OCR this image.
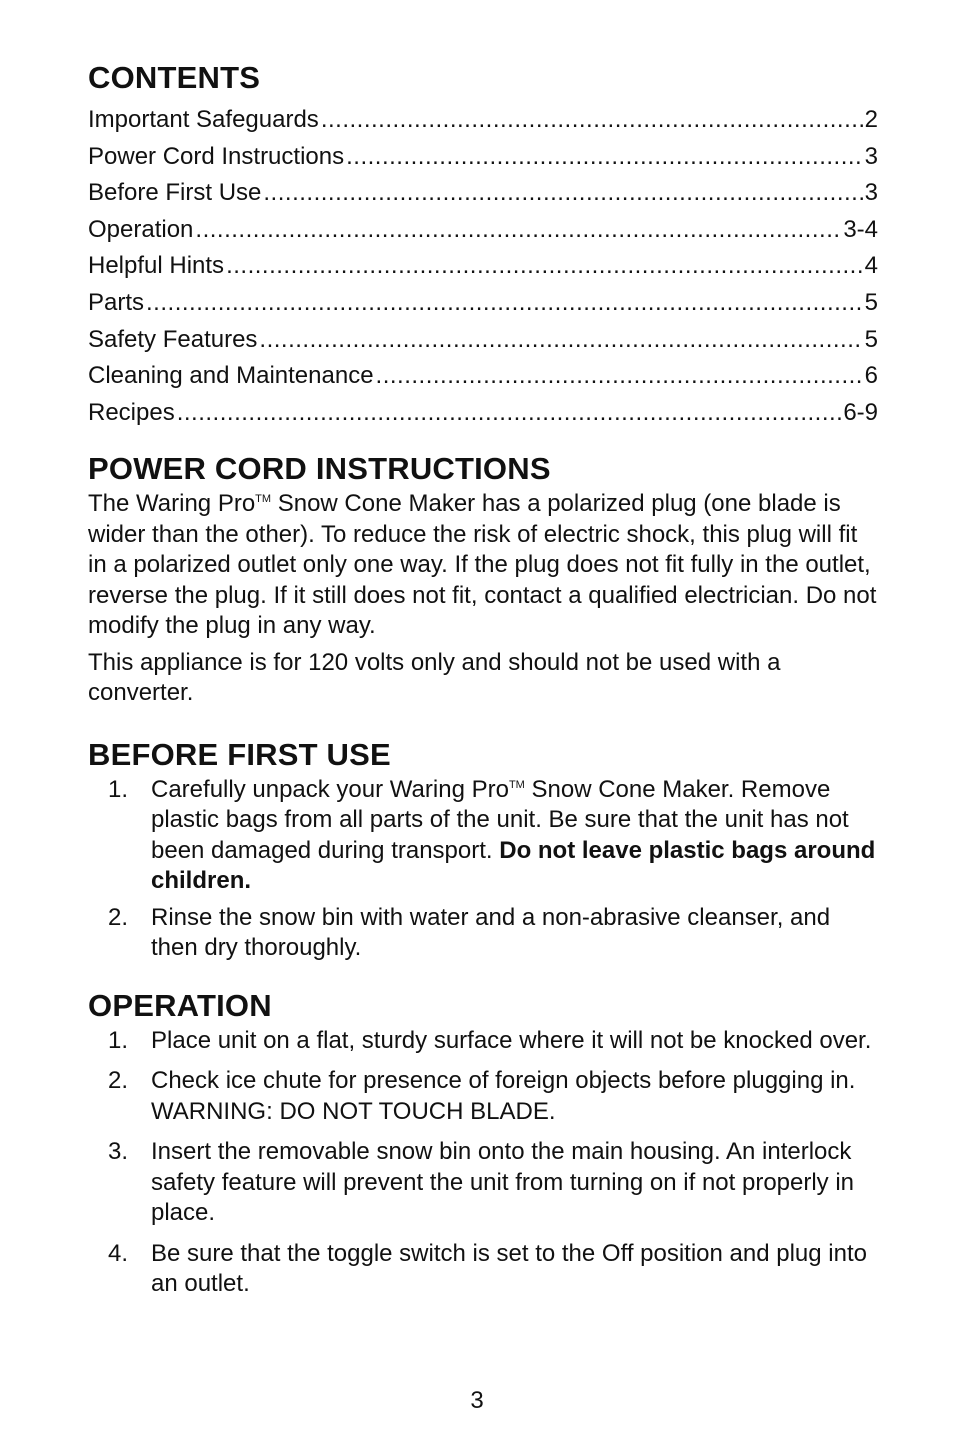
CONTENTS
Important Safeguards .....	2
Power Cord Instructions .....	3
Before First Use .....	3
Operation .....	3-4
Helpful Hints .....	4
Parts .....	5
Safety Features .....	5
Cleaning and Maintenance .....	6
Recipes .....	6-9
POWER CORD INSTRUCTIONS

The Waring Pro™ Snow Cone Maker has a polarized plug (one blade is wider than the other). To reduce the risk of electric shock, this plug will fit in a polarized outlet only one way. If the plug does not fit fully in the outlet, reverse the plug. If it still does not fit, contact a qualified electrician. Do not modify the plug in any way.

This appliance is for 120 volts only and should not be used with a converter.

BEFORE FIRST USE
1. Carefully unpack your Waring Pro™ Snow Cone Maker. Remove plastic bags from all parts of the unit. Be sure that the unit has not been damaged during transport. Do not leave plastic bags around children.
2. Rinse the snow bin with water and a non-abrasive cleanser, and then dry thoroughly.
OPERATION
1. Place unit on a flat, sturdy surface where it will not be knocked over.
2. Check ice chute for presence of foreign objects before plugging in. WARNING: DO NOT TOUCH BLADE.
3. Insert the removable snow bin onto the main housing. An interlock safety feature will prevent the unit from turning on if not properly in place.
4. Be sure that the toggle switch is set to the Off position and plug into an outlet.
3
